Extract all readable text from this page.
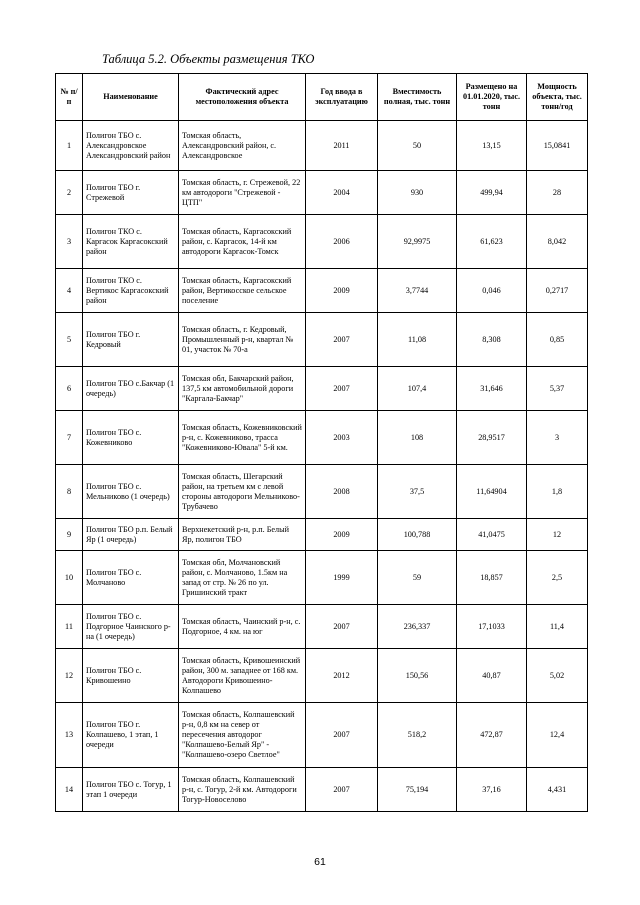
Таблица 5.2. Объекты размещения ТКО
№ п/п	Наименование	Фактический адрес местоположения объекта	Год ввода в эксплуатацию	Вместимость полная, тыс. тонн	Размещено на 01.01.2020, тыс. тонн	Мощность объекта, тыс. тонн/год
1	Полигон ТБО с. Александровское Александровский район	Томская область, Александровский район, с. Александровское	2011	50	13,15	15,0841
2	Полигон ТБО г. Стрежевой	Томская область, г. Стрежевой, 22 км автодороги "Стрежевой - ЦТП"	2004	930	499,94	28
3	Полигон ТКО с. Каргасок Каргасокский район	Томская область, Каргасокский район, с. Каргасок, 14-й км автодороги Каргасок-Томск	2006	92,9975	61,623	8,042
4	Полигон ТКО с. Вертикос Каргасокский район	Томская область, Каргасокский район, Вертикосское сельское поселение	2009	3,7744	0,046	0,2717
5	Полигон ТБО г. Кедровый	Томская область, г. Кедровый, Промышленный р-н, квартал № 01, участок № 70-а	2007	11,08	8,308	0,85
6	Полигон ТБО с.Бакчар (1 очередь)	Томская обл, Бакчарский район, 137,5 км автомобильной дороги "Каргала-Бакчар"	2007	107,4	31,646	5,37
7	Полигон ТБО с. Кожевниково	Томская область, Кожевниковский р-н, с. Кожевниково, трасса "Кожевниково-Ювала" 5-й км.	2003	108	28,9517	3
8	Полигон ТБО с. Мельниково (1 очередь)	Томская область, Шегарский район, на третьем км с левой стороны автодороги Мельниково-Трубачево	2008	37,5	11,64904	1,8
9	Полигон ТБО р.п. Белый Яр (1 очередь)	Верхнекетский р-н, р.п. Белый Яр, полигон ТБО	2009	100,788	41,0475	12
10	Полигон ТБО с. Молчаново	Томская обл, Молчановский район, с. Молчаново, 1.5км на запад от стр. № 26 по ул. Гришинский тракт	1999	59	18,857	2,5
11	Полигон ТБО с. Подгорное Чаинского р-на (1 очередь)	Томская область, Чаинский р-н, с. Подгорное, 4 км. на юг	2007	236,337	17,1033	11,4
12	Полигон ТБО с. Кривошеино	Томская область, Кривошеинский район, 300 м. западнее от 168 км. Автодороги Кривошеино-Колпашево	2012	150,56	40,87	5,02
13	Полигон ТБО г. Колпашево, 1 этап, 1 очереди	Томская область, Колпашевский р-н, 0,8 км на север от пересечения автодорог "Колпашево-Белый Яр" - "Колпашево-озеро Светлое"	2007	518,2	472,87	12,4
14	Полигон ТБО с. Тогур, 1 этап 1 очереди	Томская область, Колпашевский р-н, с. Тогур, 2-й км. Автодороги Тогур-Новоселово	2007	75,194	37,16	4,431
61
